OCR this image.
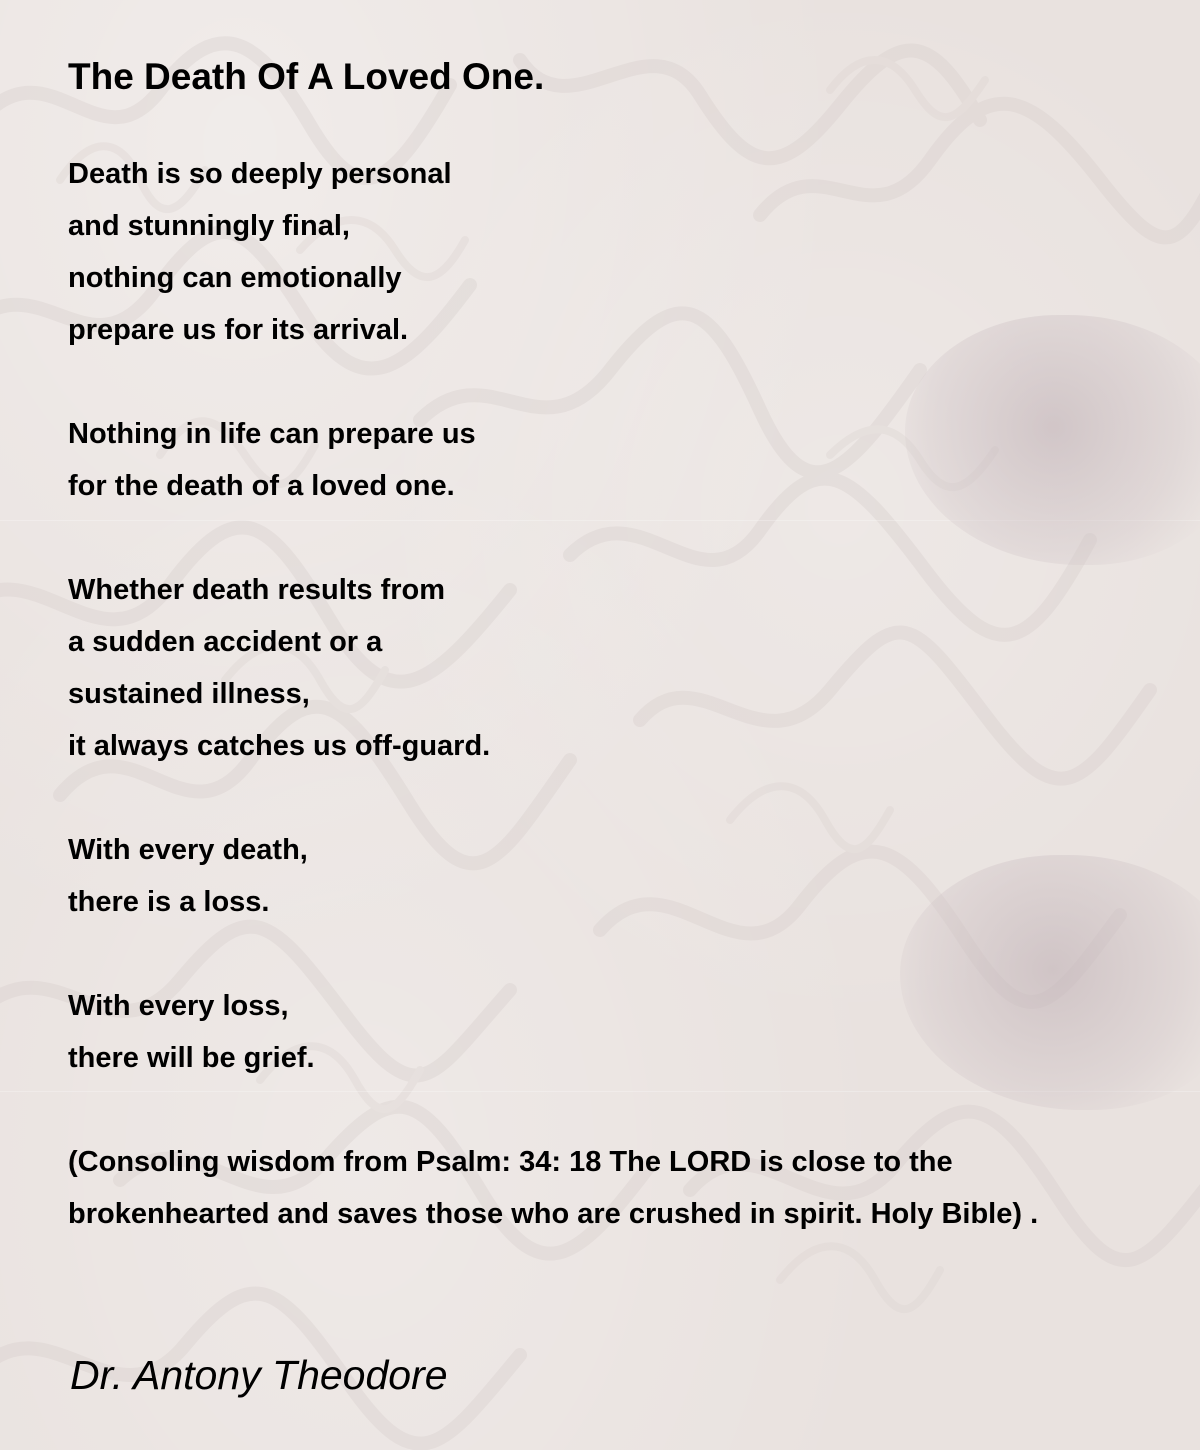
The Death Of A Loved One.
Death is so deeply personal
and stunningly final,
nothing can emotionally
prepare us for its arrival.
Nothing in life can prepare us
for the death of a loved one.
Whether death results from
a sudden accident or a
sustained illness,
it always catches us off-guard.
With every death,
there is a loss.
With every loss,
there will be grief.

(Consoling wisdom from Psalm: 34: 18 The LORD is close to the brokenhearted and saves those who are crushed in spirit. Holy Bible) .

Dr. Antony Theodore
